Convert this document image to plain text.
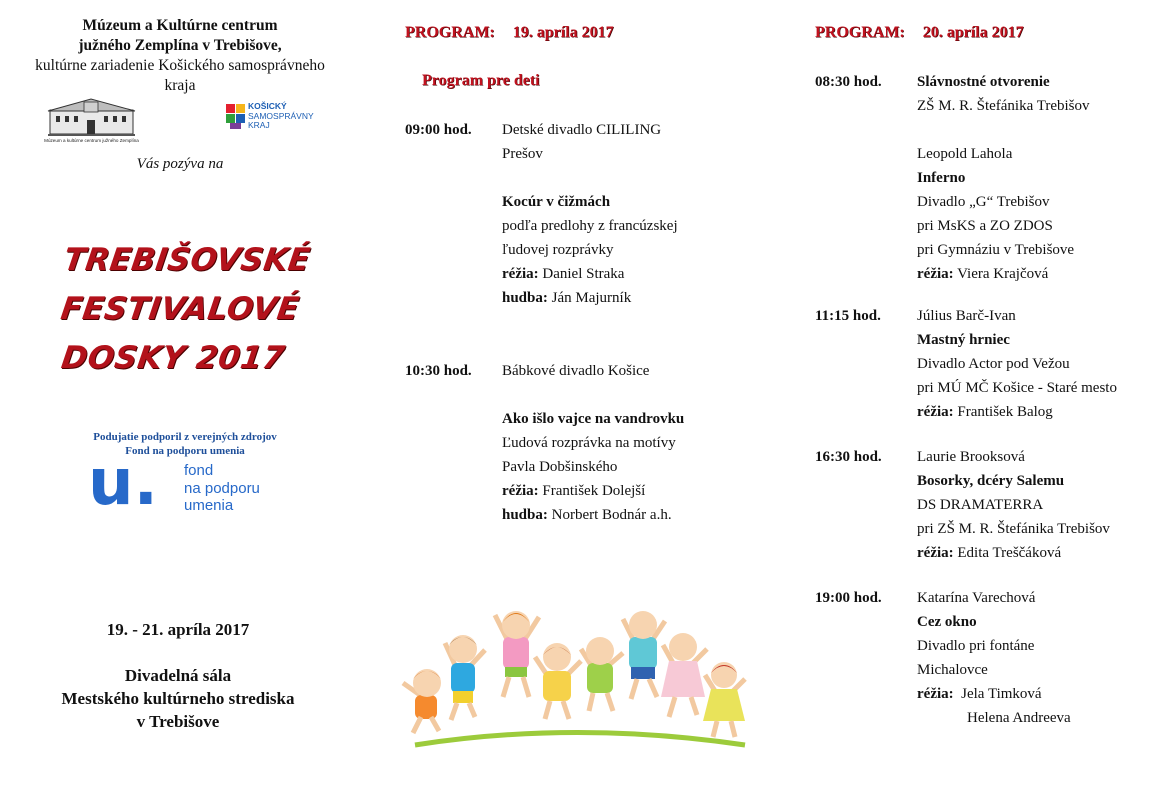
Múzeum a Kultúrne centrum
južného Zemplína v Trebišove,
kultúrne zariadenie Košického samosprávneho
kraja
Múzeum a kultúrne centrum južného Zemplína
KOŠICKÝ
SAMOSPRÁVNY
KRAJ
Vás pozýva na
TREBIŠOVSKÉ
FESTIVALOVÉ DOSKY 2017
Podujatie podporil z verejných zdrojov
Fond na podporu umenia
u. fond
na podporu
umenia
19. - 21. apríla 2017
Divadelná sála
Mestského kultúrneho strediska
v Trebišove
PROGRAM: 19. apríla 2017
Program pre deti
09:00 hod. Detské divadlo CILILING
Prešov
Kocúr v čižmách
podľa predlohy z francúzskej
ľudovej rozprávky
réžia: Daniel Straka
hudba: Ján Majurník
10:30 hod. Bábkové divadlo Košice
Ako išlo vajce na vandrovku
Ľudová rozprávka na motívy
Pavla Dobšinského
réžia: František Dolejší
hudba: Norbert Bodnár a.h.
PROGRAM: 20. apríla 2017
08:30 hod. Slávnostné otvorenie
ZŠ M. R. Štefánika Trebišov
Leopold Lahola
Inferno
Divadlo „G“ Trebišov
pri MsKS a ZO ZDOS
pri Gymnáziu v Trebišove
réžia: Viera Krajčová
11:15 hod. Július Barč-Ivan
Mastný hrniec
Divadlo Actor pod Vežou
pri MÚ MČ Košice - Staré mesto
réžia: František Balog
16:30 hod. Laurie Brooksová
Bosorky, dcéry Salemu
DS DRAMATERRA
pri ZŠ M. R. Štefánika Trebišov
réžia: Edita Treščáková
19:00 hod. Katarína Varechová
Cez okno
Divadlo pri fontáne
Michalovce
réžia: Jela Timková
Helena Andreeva
